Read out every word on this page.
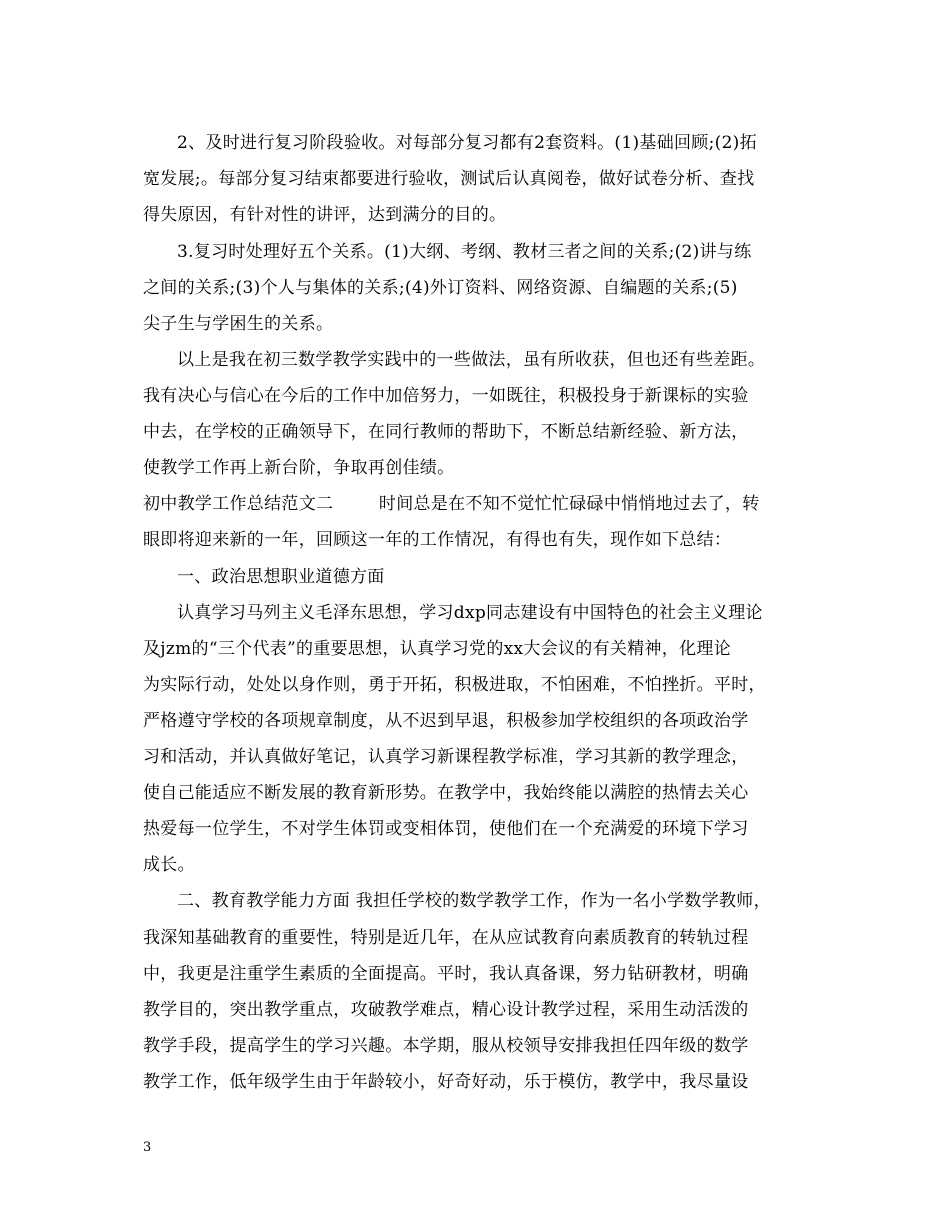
2、及时进行复习阶段验收。对每部分复习都有2套资料。(1)基础回顾;(2)拓
宽发展;。每部分复习结束都要进行验收，测试后认真阅卷，做好试卷分析、查找
得失原因，有针对性的讲评，达到满分的目的。
3.复习时处理好五个关系。(1)大纲、考纲、教材三者之间的关系;(2)讲与练
之间的关系;(3)个人与集体的关系;(4)外订资料、网络资源、自编题的关系;(5)
尖子生与学困生的关系。
以上是我在初三数学教学实践中的一些做法，虽有所收获，但也还有些差距。
我有决心与信心在今后的工作中加倍努力，一如既往，积极投身于新课标的实验
中去，在学校的正确领导下，在同行教师的帮助下，不断总结新经验、新方法，
使教学工作再上新台阶，争取再创佳绩。
初中教学工作总结范文二        时间总是在不知不觉忙忙碌碌中悄悄地过去了，转
眼即将迎来新的一年，回顾这一年的工作情况，有得也有失，现作如下总结：
一、政治思想职业道德方面
认真学习马列主义毛泽东思想，学习dxp同志建设有中国特色的社会主义理论
及jzm的“三个代表”的重要思想，认真学习党的xx大会议的有关精神，化理论
为实际行动，处处以身作则，勇于开拓，积极进取，不怕困难，不怕挫折。平时，
严格遵守学校的各项规章制度，从不迟到早退，积极参加学校组织的各项政治学
习和活动，并认真做好笔记，认真学习新课程教学标准，学习其新的教学理念，
使自己能适应不断发展的教育新形势。在教学中，我始终能以满腔的热情去关心
热爱每一位学生，不对学生体罚或变相体罚，使他们在一个充满爱的环境下学习
成长。
二、教育教学能力方面 我担任学校的数学教学工作，作为一名小学数学教师，
我深知基础教育的重要性，特别是近几年，在从应试教育向素质教育的转轨过程
中，我更是注重学生素质的全面提高。平时，我认真备课，努力钻研教材，明确
教学目的，突出教学重点，攻破教学难点，精心设计教学过程，采用生动活泼的
教学手段，提高学生的学习兴趣。本学期，服从校领导安排我担任四年级的数学
教学工作，低年级学生由于年龄较小，好奇好动，乐于模仿，教学中，我尽量设
3
